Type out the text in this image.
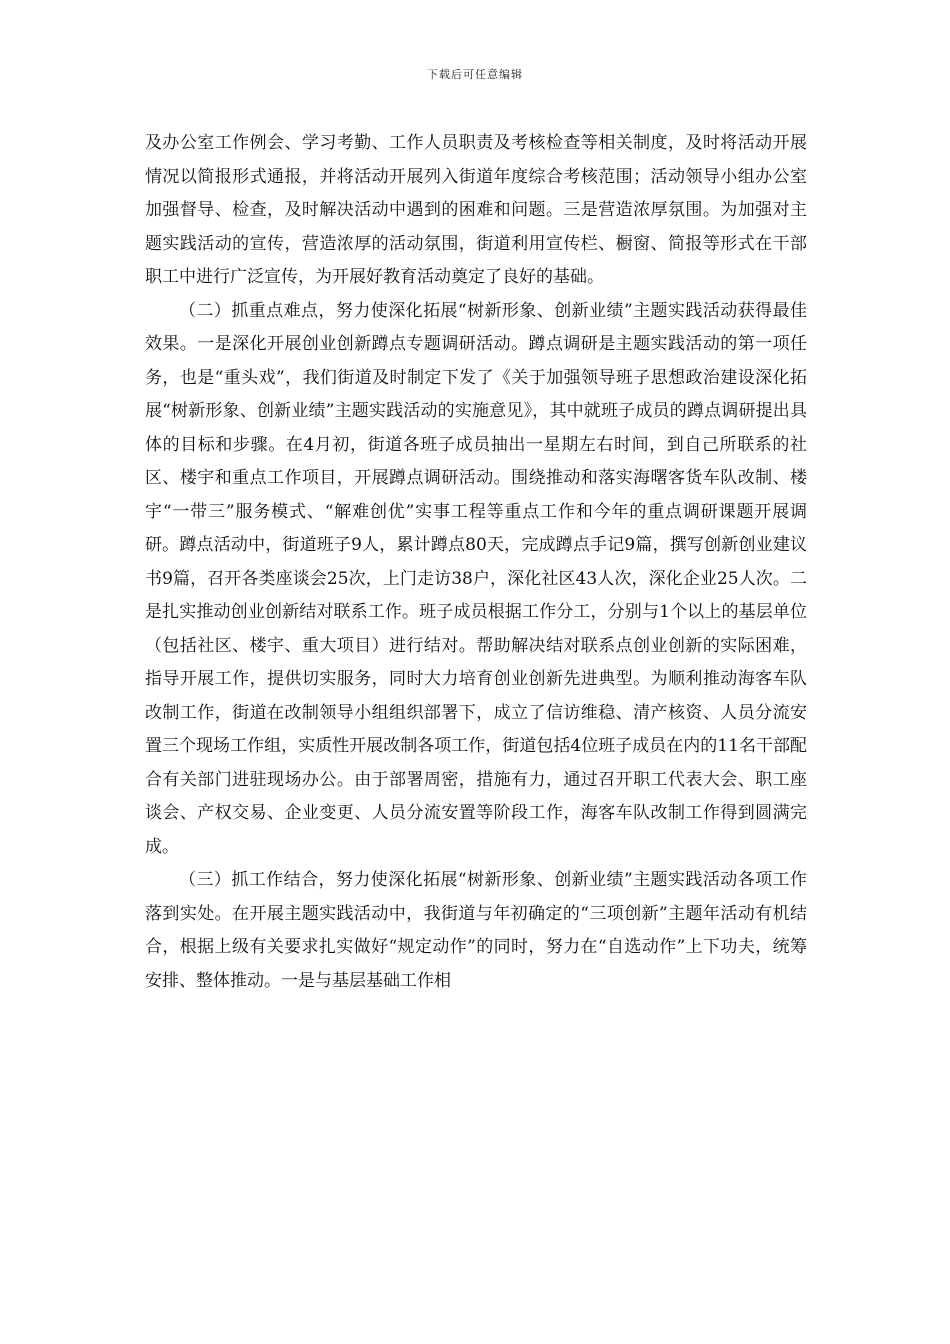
下载后可任意编辑

及办公室工作例会、学习考勤、工作人员职责及考核检查等相关制度，及时将活动开展情况以简报形式通报，并将活动开展列入街道年度综合考核范围；活动领导小组办公室加强督导、检查，及时解决活动中遇到的困难和问题。三是营造浓厚氛围。为加强对主题实践活动的宣传，营造浓厚的活动氛围，街道利用宣传栏、橱窗、简报等形式在干部职工中进行广泛宣传，为开展好教育活动奠定了良好的基础。

（二）抓重点难点，努力使深化拓展“树新形象、创新业绩”主题实践活动获得最佳效果。一是深化开展创业创新蹲点专题调研活动。蹲点调研是主题实践活动的第一项任务，也是“重头戏”，我们街道及时制定下发了《关于加强领导班子思想政治建设深化拓展“树新形象、创新业绩”主题实践活动的实施意见》，其中就班子成员的蹲点调研提出具体的目标和步骤。在4月初，街道各班子成员抽出一星期左右时间，到自己所联系的社区、楼宇和重点工作项目，开展蹲点调研活动。围绕推动和落实海曙客货车队改制、楼宇“一带三”服务模式、“解难创优”实事工程等重点工作和今年的重点调研课题开展调研。蹲点活动中，街道班子9人，累计蹲点80天，完成蹲点手记9篇，撰写创新创业建议书9篇，召开各类座谈会25次，上门走访38户，深化社区43人次，深化企业25人次。二是扎实推动创业创新结对联系工作。班子成员根据工作分工，分别与1个以上的基层单位（包括社区、楼宇、重大项目）进行结对。帮助解决结对联系点创业创新的实际困难，指导开展工作，提供切实服务，同时大力培育创业创新先进典型。为顺利推动海客车队改制工作，街道在改制领导小组组织部署下，成立了信访维稳、清产核资、人员分流安置三个现场工作组，实质性开展改制各项工作，街道包括4位班子成员在内的11名干部配合有关部门进驻现场办公。由于部署周密，措施有力，通过召开职工代表大会、职工座谈会、产权交易、企业变更、人员分流安置等阶段工作，海客车队改制工作得到圆满完成。

（三）抓工作结合，努力使深化拓展“树新形象、创新业绩”主题实践活动各项工作落到实处。在开展主题实践活动中，我街道与年初确定的“三项创新”主题年活动有机结合，根据上级有关要求扎实做好“规定动作”的同时，努力在“自选动作”上下功夫，统筹安排、整体推动。一是与基层基础工作相
